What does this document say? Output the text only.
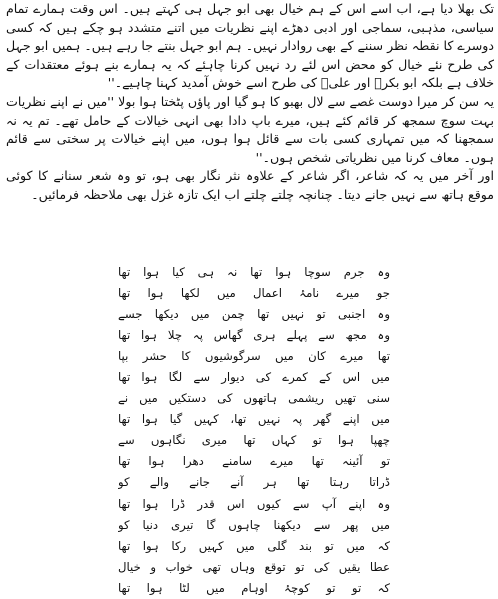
تک بھلا دیا ہے، اب اسے اس کے ہم خیال بھی ابو جہل ہی کہتے ہیں۔ اس وقت ہمارے تمام سیاسی، مذہبی، سماجی اور ادبی دھڑے اپنے نظریات میں اتنے متشدد ہو چکے ہیں کہ کسی دوسرے کا نقطہ نظر سننے کے بھی روادار نہیں۔ ہم ابو جہل بنتے جا رہے ہیں۔ ہمیں ابو جہل کی طرح نئے خیال کو محض اس لئے رد نہیں کرنا چاہئے کہ یہ ہمارے بنے ہوئے معتقدات کے خلاف ہے بلکہ ابو بکرؓ اور علیؓ کی طرح اسے خوش آمدید کہنا چاہیے۔''

یہ سن کر میرا دوست غصے سے لال بھبو کا ہو گیا اور پاؤں پٹختا ہوا بولا ''میں نے اپنے نظریات بہت سوچ سمجھ کر قائم کئے ہیں، میرے باپ دادا بھی انہی خیالات کے حامل تھے۔ تم یہ نہ سمجھنا کہ میں تمہاری کسی بات سے قائل ہوا ہوں، میں اپنے خیالات پر سختی سے قائم ہوں۔ معاف کرنا میں نظریاتی شخص ہوں۔''

اور آخر میں یہ کہ شاعر، اگر شاعر کے علاوہ نثر نگار بھی ہو، تو وہ شعر سنانے کا کوئی موقع ہاتھ سے نہیں جانے دیتا۔ چنانچہ چلتے چلتے اب ایک تازہ غزل بھی ملاحظہ فرمائیں۔

وہ جرم سوچا ہوا تھا نہ ہی کیا ہوا تھا
جو میرے نامۂ اعمال میں لکھا ہوا تھا
وہ اجنبی تو نہیں تھا چمن میں دیکھا جسے
وہ مجھ سے پہلے ہری گھاس پہ چلا ہوا تھا
تھا میرے کان میں سرگوشیوں کا حشر بپا
میں اس کے کمرے کی دیوار سے لگا ہوا تھا
سنی تھیں ریشمی ہاتھوں کی دستکیں میں نے
میں اپنے گھر پہ نہیں تھا، کہیں گیا ہوا تھا
چھپا ہوا تو کہاں تھا میری نگاہوں سے
تو آئینہ تھا میرے سامنے دھرا ہوا تھا
ڈراتا رہتا تھا ہر آنے جانے والے کو
وہ اپنے آپ سے کیوں اس قدر ڈرا ہوا تھا
میں پھر سے دیکھنا چاہوں گا تیری دنیا کو
کہ میں تو بند گلی میں کہیں رکا ہوا تھا
عطا یقیں کی تو توقع وہاں تھی خواب و خیال
کہ تو تو کوچۂ اوہام میں لٹا ہوا تھا
